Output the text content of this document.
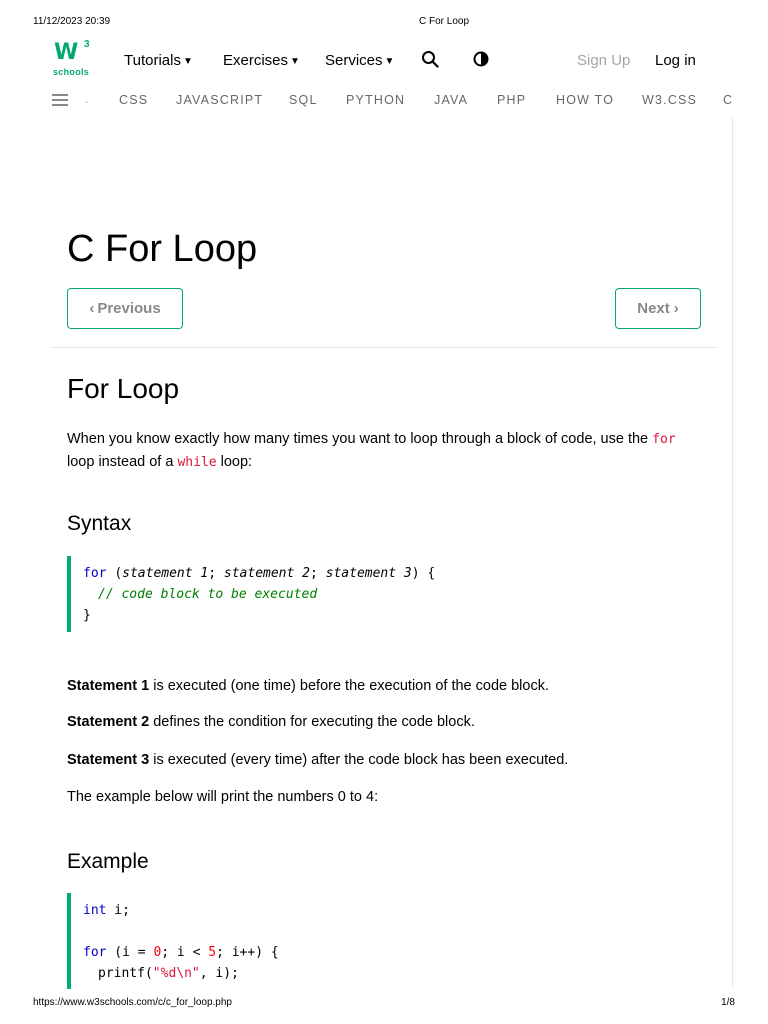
11/12/2023 20:39	C For Loop
W 3
schools
Tutorials ▼ Exercises ▼ Services ▼	Sign Up Log in
. CSS JAVASCRIPT SQL PYTHON JAVA PHP HOW TO W3.CSS C
C For Loop
‹ Previous	Next ›
For Loop

When you know exactly how many times you want to loop through a block of code, use the for loop instead of a while loop:

Syntax
for (statement 1; statement 2; statement 3) {
// code block to be executed
}

Statement 1 is executed (one time) before the execution of the code block.

Statement 2 defines the condition for executing the code block.

Statement 3 is executed (every time) after the code block has been executed.

The example below will print the numbers 0 to 4:

Example
int i;
for (i = 0; i < 5; i++) {
printf("%d\n", i);
https://www.w3schools.com/c/c_for_loop.php	1/8
